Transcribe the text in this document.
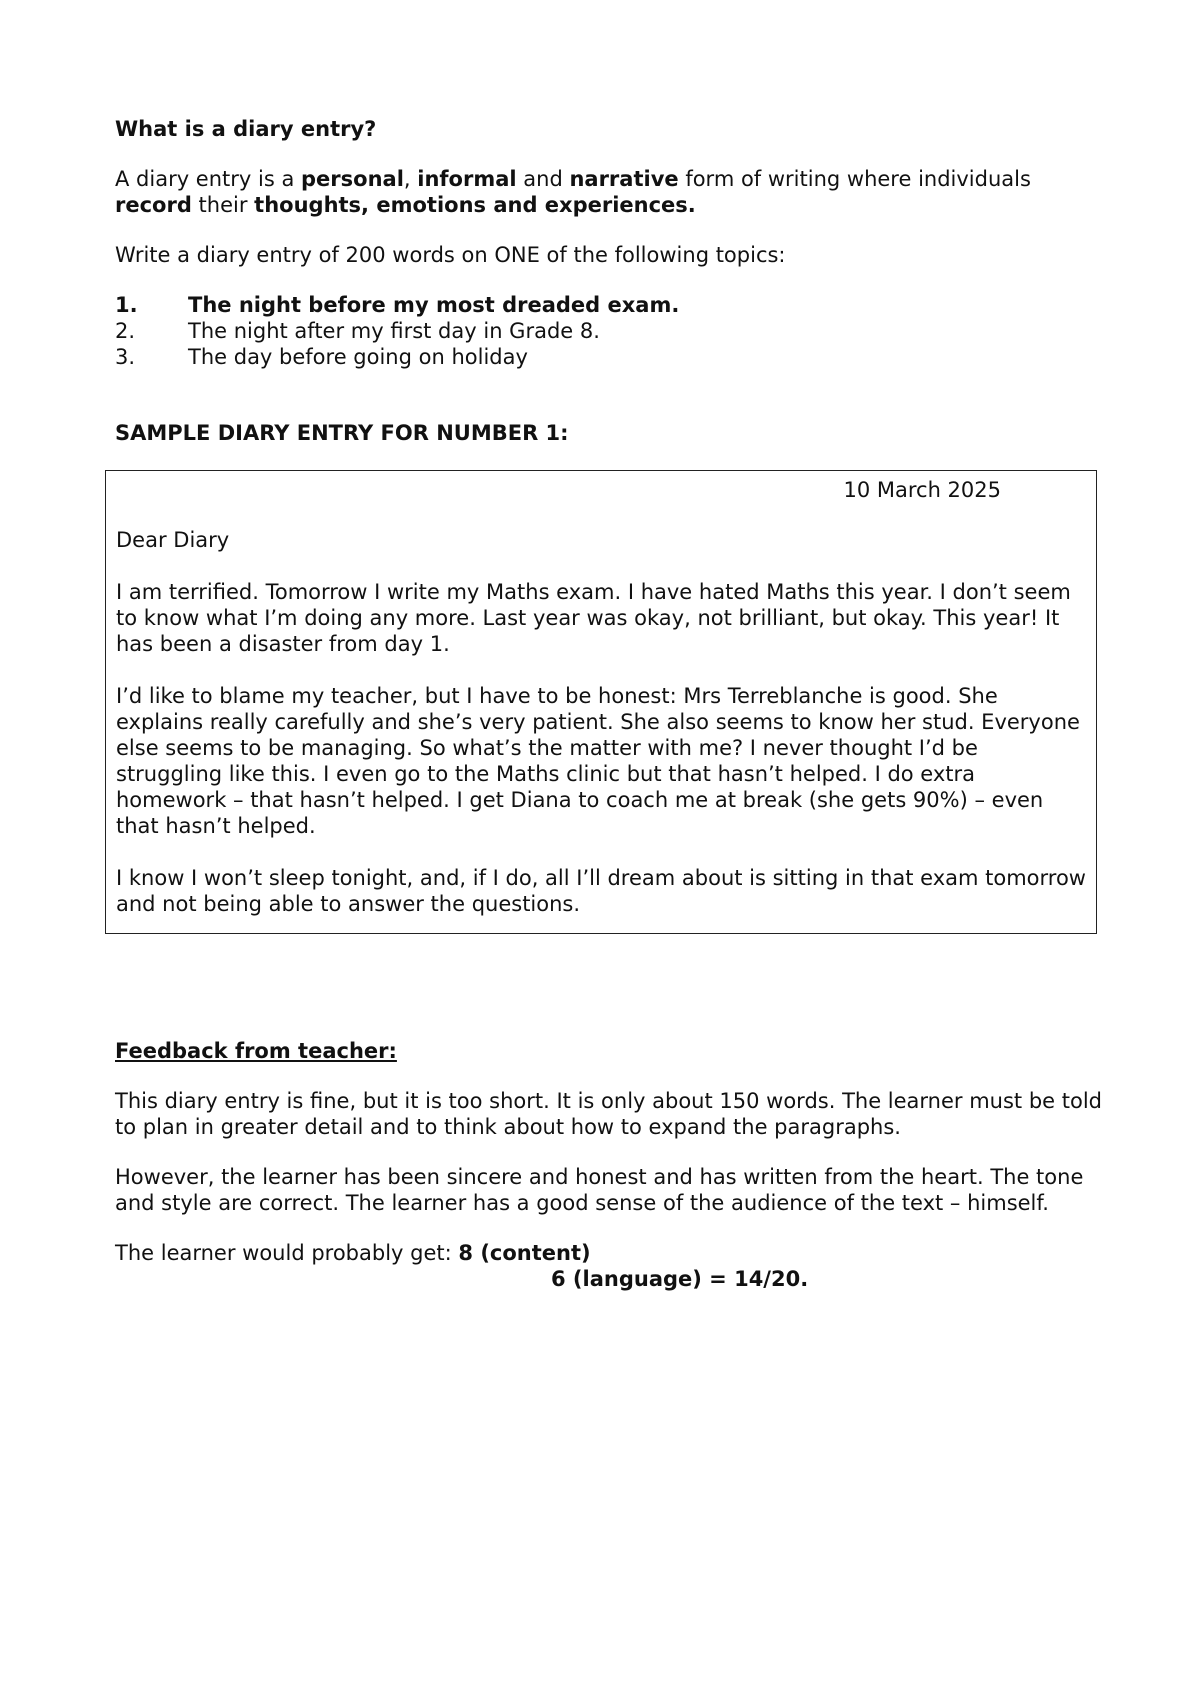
What is a diary entry?

A diary entry is a personal, informal and narrative form of writing where individuals record their thoughts, emotions and experiences.

Write a diary entry of 200 words on ONE of the following topics:

1.	The night before my most dreaded exam.
2.	The night after my first day in Grade 8.
3.	The day before going on holiday
SAMPLE DIARY ENTRY FOR NUMBER 1:
10 March 2025

Dear Diary

I am terrified. Tomorrow I write my Maths exam. I have hated Maths this year. I don’t seem to know what I’m doing any more. Last year was okay, not brilliant, but okay. This year! It has been a disaster from day 1.

I’d like to blame my teacher, but I have to be honest: Mrs Terreblanche is good. She explains really carefully and she’s very patient. She also seems to know her stud. Everyone else seems to be managing. So what’s the matter with me? I never thought I’d be struggling like this. I even go to the Maths clinic but that hasn’t helped. I do extra homework – that hasn’t helped. I get Diana to coach me at break (she gets 90%) – even that hasn’t helped.

I know I won’t sleep tonight, and, if I do, all I’ll dream about is sitting in that exam tomorrow and not being able to answer the questions.

Feedback from teacher:

This diary entry is fine, but it is too short. It is only about 150 words. The learner must be told to plan in greater detail and to think about how to expand the paragraphs.

However, the learner has been sincere and honest and has written from the heart. The tone and style are correct. The learner has a good sense of the audience of the text – himself.

The learner would probably get: 8 (content)
6 (language) = 14/20.
